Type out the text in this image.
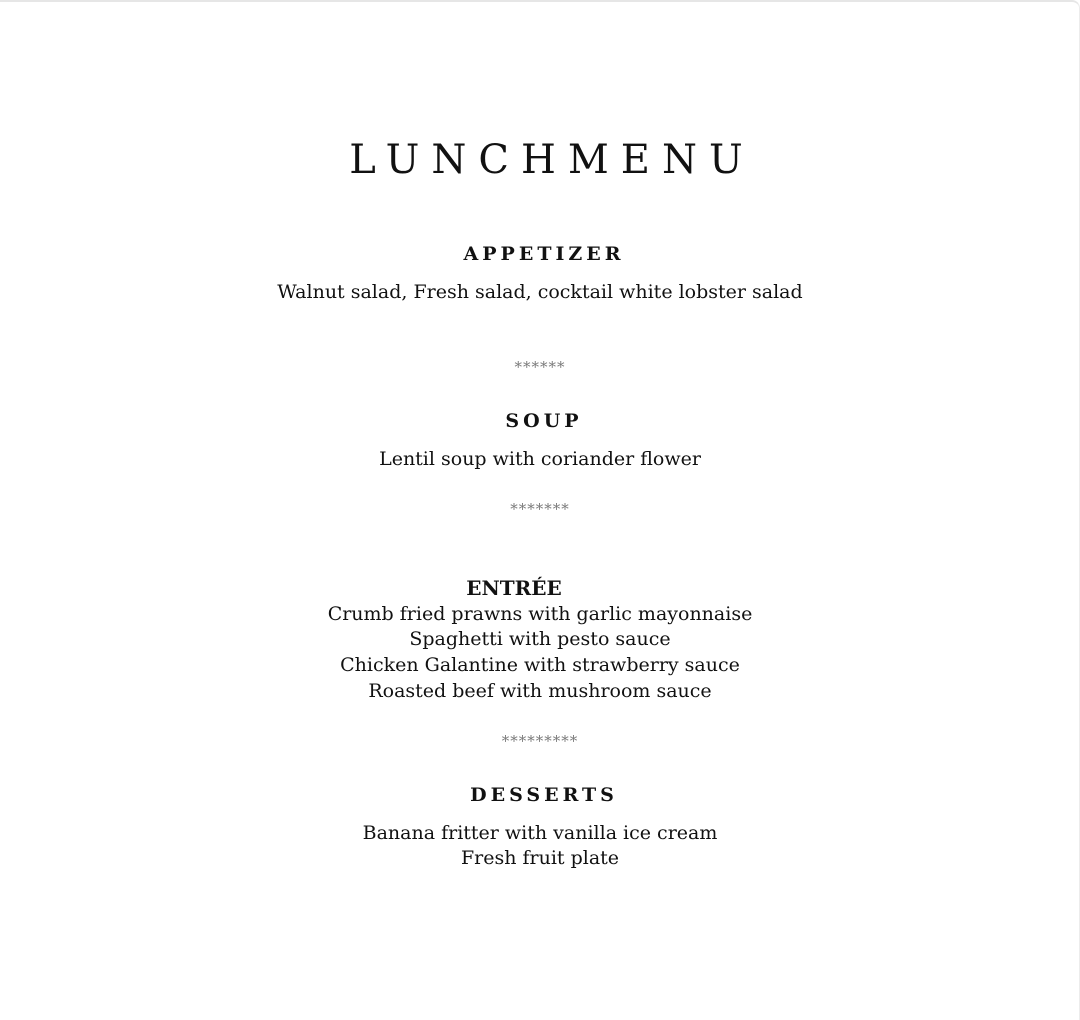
LUNCHMENU
APPETIZER
Walnut salad, Fresh salad, cocktail white lobster salad
******
SOUP
Lentil soup with coriander flower
*******
ENTRÉE
Crumb fried prawns with garlic mayonnaise
Spaghetti with pesto sauce
Chicken Galantine with strawberry sauce
Roasted beef with mushroom sauce
*********
DESSERTS
Banana fritter with vanilla ice cream
Fresh fruit plate
